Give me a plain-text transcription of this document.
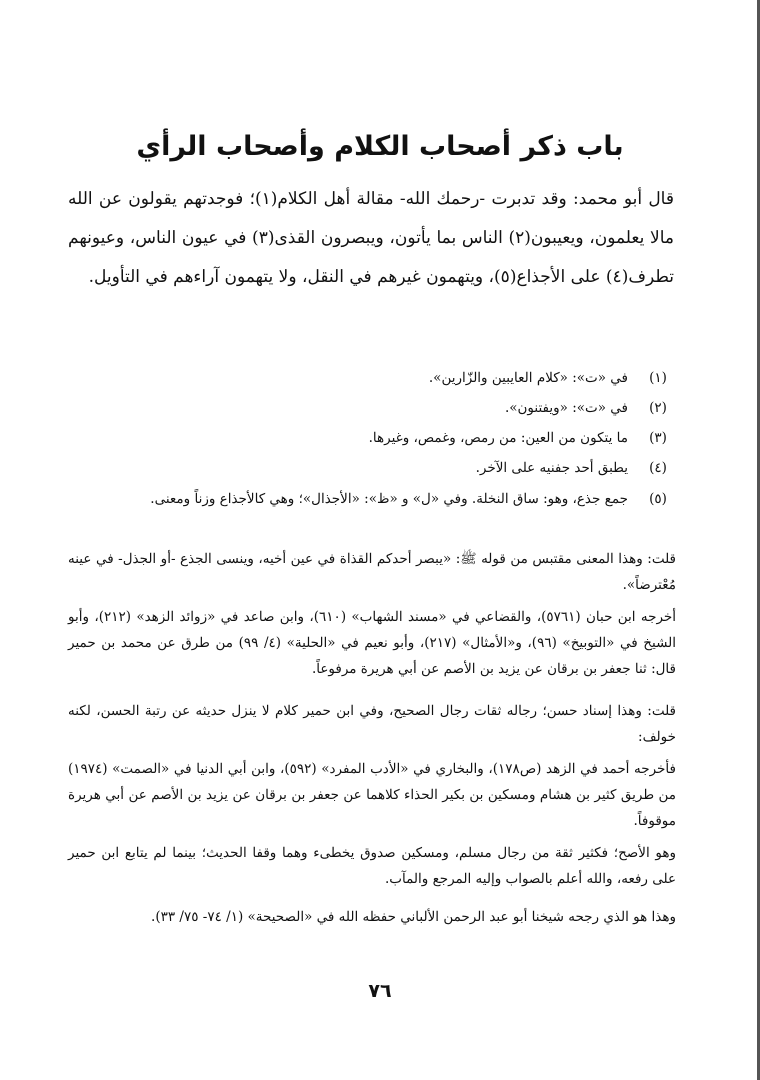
باب ذكر أصحاب الكلام وأصحاب الرأي
قال أبو محمد: وقد تدبرت -رحمك الله- مقالة أهل الكلام(١)؛ فوجدتهم يقولون عن الله مالا يعلمون، ويعيبون(٢) الناس بما يأتون، ويبصرون القذى(٣) في عيون الناس، وعيونهم تطرف(٤) على الأجذاع(٥)، ويتهمون غيرهم في النقل، ولا يتهمون آراءهم في التأويل.
(١)
في «ت»: «كلام العايبين والزّارين».
(٢)
في «ت»: «ويفتنون».
(٣)
ما يتكون من العين: من رمص، وغمص، وغيرها.
(٤)
يطبق أحد جفنيه على الآخر.
(٥)
جمع جذع، وهو: ساق النخلة. وفي «ل» و «ظ»: «الأجذال»؛ وهي كالأجذاع وزناً ومعنى.
قلت: وهذا المعنى مقتبس من قوله ﷺ: «يبصر أحدكم القذاة في عين أخيه، وينسى الجذع -أو الجذل- في عينه مُعْترضاً».
أخرجه ابن حبان (٥٧٦١)، والقضاعي في «مسند الشهاب» (٦١٠)، وابن صاعد في «زوائد الزهد» (٢١٢)، وأبو الشيخ في «التوبيخ» (٩٦)، و«الأمثال» (٢١٧)، وأبو نعيم في «الحلية» (٤/ ٩٩) من طرق عن محمد بن حمير قال: ثنا جعفر بن برقان عن يزيد بن الأصم عن أبي هريرة مرفوعاً.
قلت: وهذا إسناد حسن؛ رجاله ثقات رجال الصحيح، وفي ابن حمير كلام لا ينزل حديثه عن رتبة الحسن، لكنه خولف:
فأخرجه أحمد في الزهد (ص١٧٨)، والبخاري في «الأدب المفرد» (٥٩٢)، وابن أبي الدنيا في «الصمت» (١٩٧٤) من طريق كثير بن هشام ومسكين بن بكير الحذاء كلاهما عن جعفر بن برقان عن يزيد بن الأصم عن أبي هريرة موقوفاً.
وهو الأصح؛ فكثير ثقة من رجال مسلم، ومسكين صدوق يخطىء وهما وقفا الحديث؛ بينما لم يتابع ابن حمير على رفعه، والله أعلم بالصواب وإليه المرجع والمآب.
وهذا هو الذي رجحه شيخنا أبو عبد الرحمن الألباني حفظه الله في «الصحيحة» (١/ ٧٤- ٧٥/ ٣٣).
٧٦
